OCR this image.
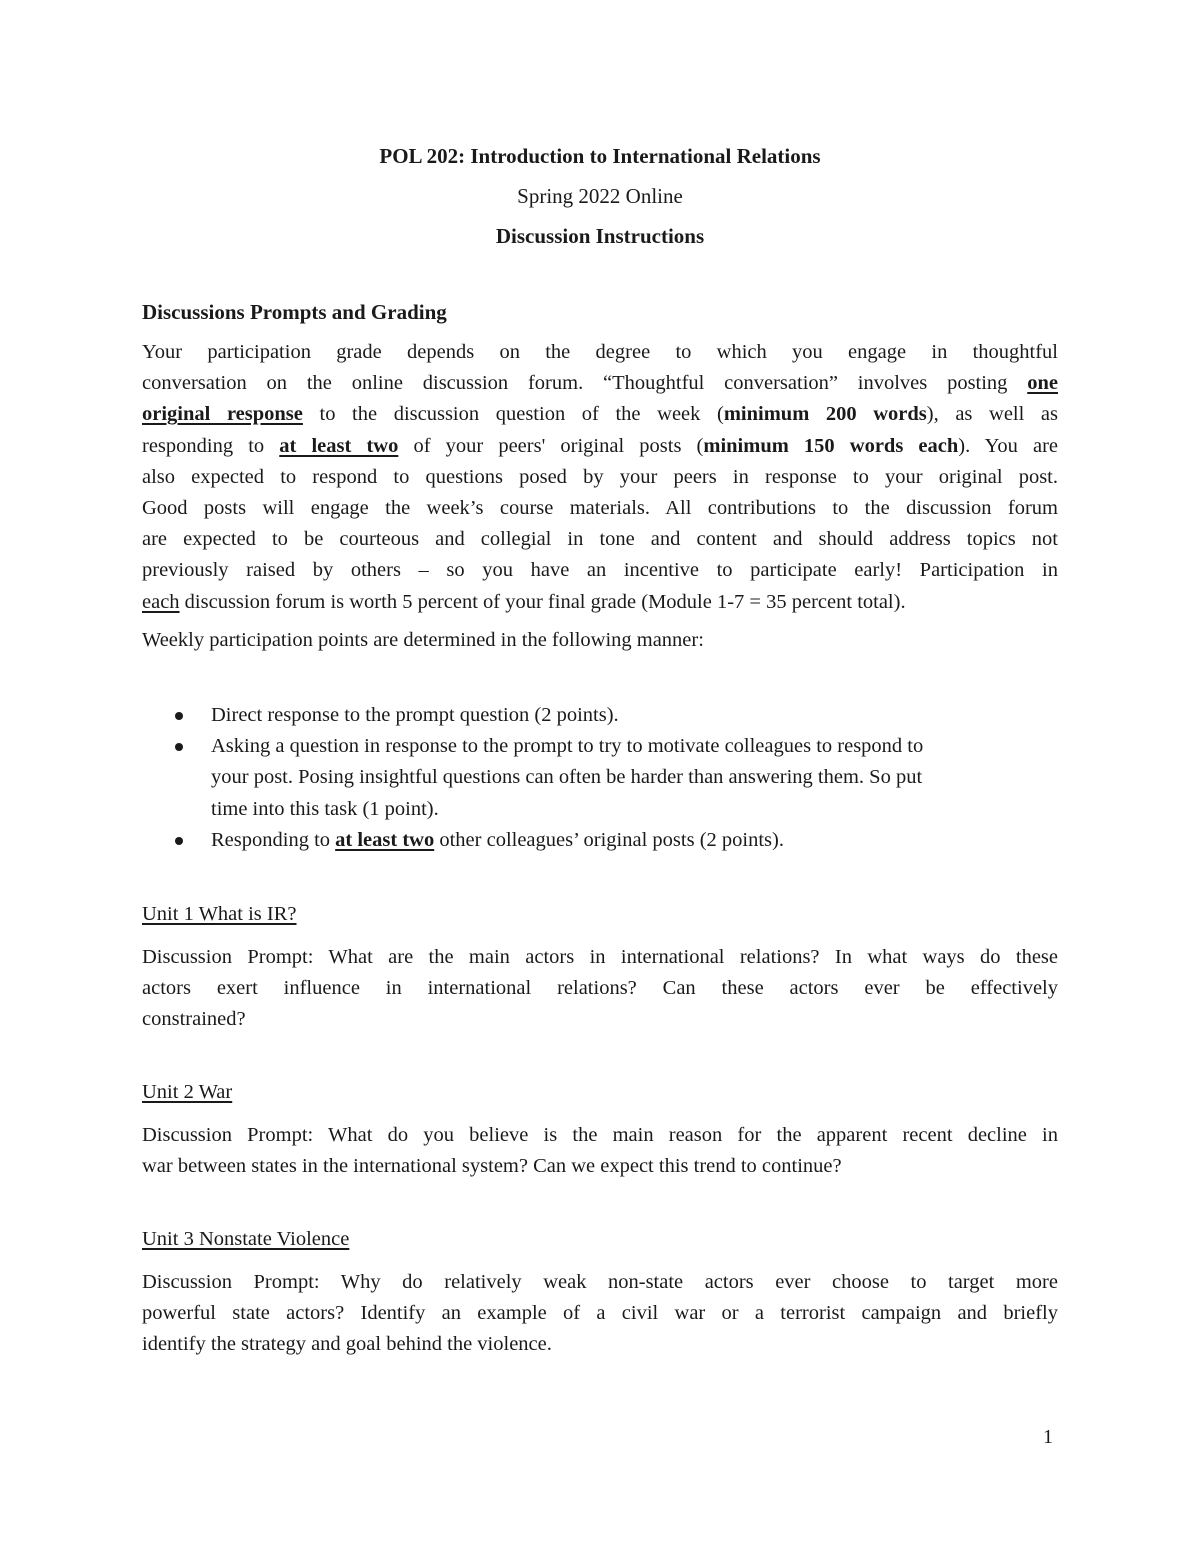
POL 202: Introduction to International Relations
Spring 2022 Online
Discussion Instructions
Discussions Prompts and Grading
Your participation grade depends on the degree to which you engage in thoughtful
conversation on the online discussion forum. “Thoughtful conversation” involves posting one
original response to the discussion question of the week (minimum 200 words), as well as
responding to at least two of your peers' original posts (minimum 150 words each). You are
also expected to respond to questions posed by your peers in response to your original post.
Good posts will engage the week’s course materials. All contributions to the discussion forum
are expected to be courteous and collegial in tone and content and should address topics not
previously raised by others – so you have an incentive to participate early! Participation in
each discussion forum is worth 5 percent of your final grade (Module 1-7 = 35 percent total).
Weekly participation points are determined in the following manner:
Direct response to the prompt question (2 points).
Asking a question in response to the prompt to try to motivate colleagues to respond to
your post. Posing insightful questions can often be harder than answering them. So put
time into this task (1 point).
Responding to at least two other colleagues’ original posts (2 points).
Unit 1 What is IR?
Discussion Prompt: What are the main actors in international relations? In what ways do these
actors exert influence in international relations? Can these actors ever be effectively
constrained?
Unit 2 War
Discussion Prompt: What do you believe is the main reason for the apparent recent decline in
war between states in the international system? Can we expect this trend to continue?
Unit 3 Nonstate Violence
Discussion Prompt: Why do relatively weak non-state actors ever choose to target more
powerful state actors? Identify an example of a civil war or a terrorist campaign and briefly
identify the strategy and goal behind the violence.
1
